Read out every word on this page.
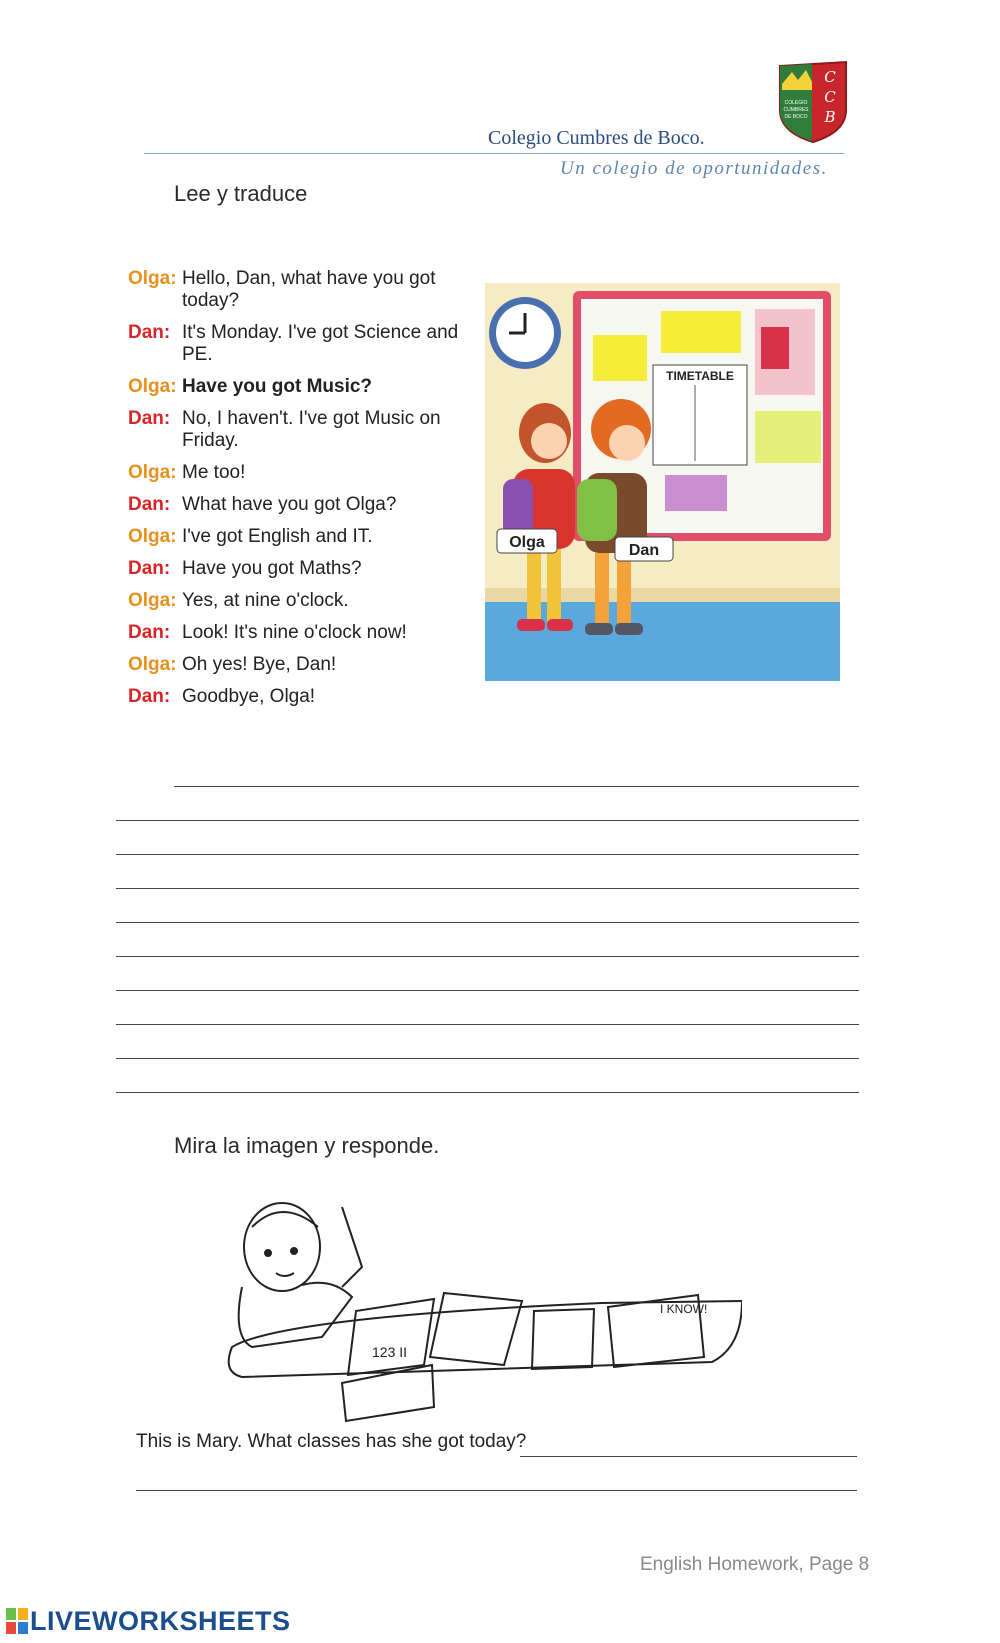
COLEGIO
CUMBRES
DE BOCO
C
C
B
Colegio Cumbres de Boco.
Un colegio de oportunidades.
Lee y traduce
Olga: Hello, Dan, what have you got today?
Dan: It's Monday. I've got Science and PE.
Olga: Have you got Music?
Dan: No, I haven't. I've got Music on Friday.
Olga: Me too!
Dan: What have you got Olga?
Olga: I've got English and IT.
Dan: Have you got Maths?
Olga: Yes, at nine o'clock.
Dan: Look! It's nine o'clock now!
Olga: Oh yes! Bye, Dan!
Dan: Goodbye, Olga!
TIMETABLE
Olga	Dan
Mira la imagen y responde.
123 II
I KNOW!
This is Mary. What classes has she got today?
English Homework, Page 8
LIVEWORKSHEETS
